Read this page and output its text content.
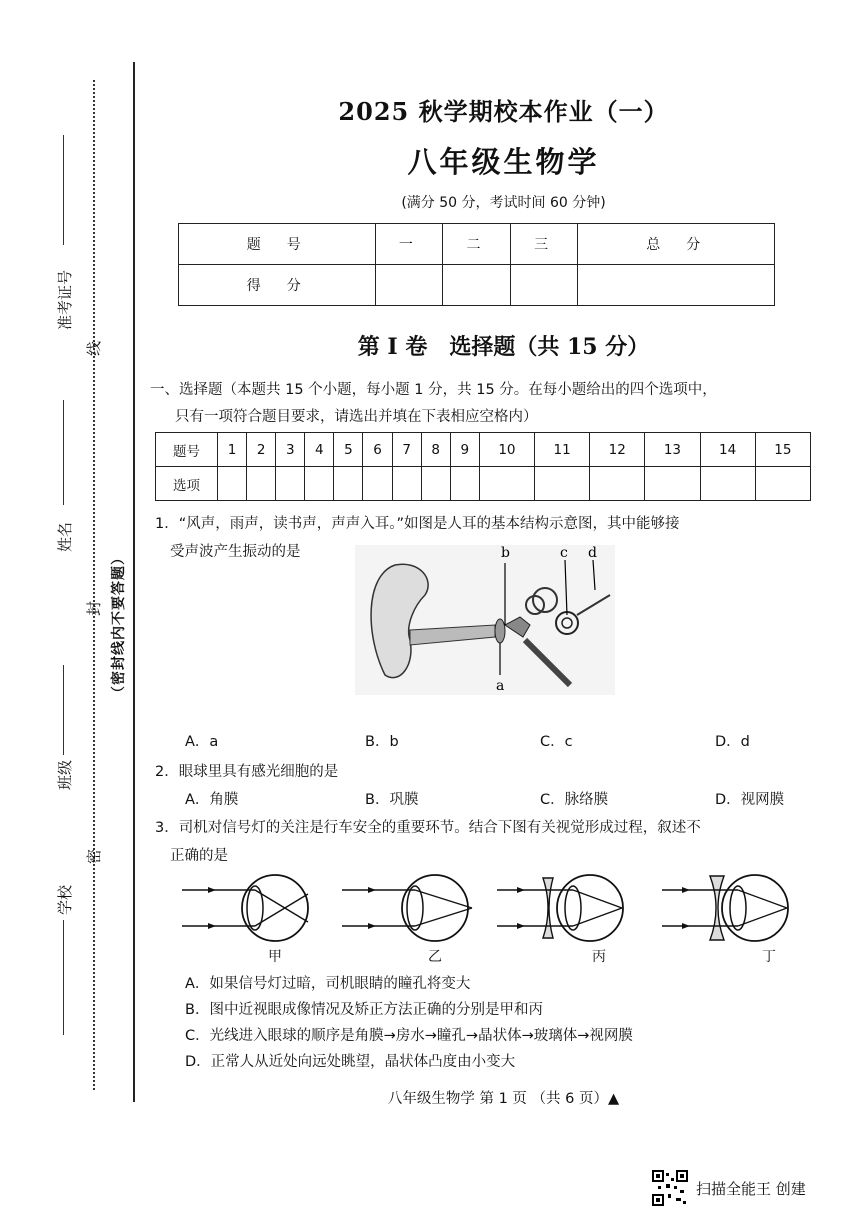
准考证号
姓名
班级
学校
线
封
密
（密封线内不要答题）
2025 秋学期校本作业（一）
八年级生物学
(满分 50 分，考试时间 60 分钟)
题　号	一	二	三	总　分
得　分				
第 I 卷　选择题（共 15 分）
一、选择题（本题共 15 个小题，每小题 1 分，共 15 分。在每小题给出的四个选项中，
只有一项符合题目要求，请选出并填在下表相应空格内）
题号	1	2	3	4	5	6	7	8	9	10	11	12	13	14	15
选项															
1．“风声，雨声，读书声，声声入耳。”如图是人耳的基本结构示意图，其中能够接
受声波产生振动的是	b
a
c d
A．a	B．b	C．c	D．d
2．眼球里具有感光细胞的是
A．角膜	B．巩膜	C．脉络膜	D．视网膜
3．司机对信号灯的关注是行车安全的重要环节。结合下图有关视觉形成过程，叙述不
正确的是
甲	乙	丙	丁
A．如果信号灯过暗，司机眼睛的瞳孔将变大
B．图中近视眼成像情况及矫正方法正确的分别是甲和丙
C．光线进入眼球的顺序是角膜→房水→瞳孔→晶状体→玻璃体→视网膜
D．正常人从近处向远处眺望，晶状体凸度由小变大
八年级生物学 第 1 页 （共 6 页）▲
扫描全能王 创建
